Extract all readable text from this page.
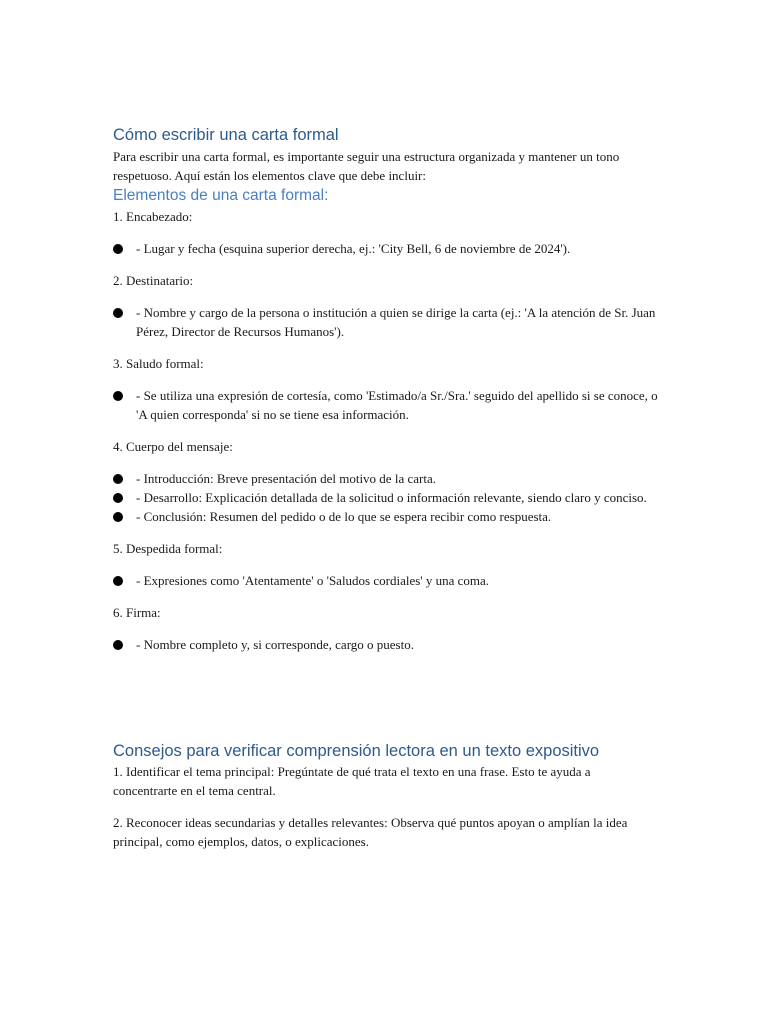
Cómo escribir una carta formal

Para escribir una carta formal, es importante seguir una estructura organizada y mantener un tono respetuoso. Aquí están los elementos clave que debe incluir:

Elementos de una carta formal:

1. Encabezado:

- Lugar y fecha (esquina superior derecha, ej.: 'City Bell, 6 de noviembre de 2024').

2. Destinatario:

- Nombre y cargo de la persona o institución a quien se dirige la carta (ej.: 'A la atención de Sr. Juan Pérez, Director de Recursos Humanos').

3. Saludo formal:

- Se utiliza una expresión de cortesía, como 'Estimado/a Sr./Sra.' seguido del apellido si se conoce, o 'A quien corresponda' si no se tiene esa información.

4. Cuerpo del mensaje:

- Introducción: Breve presentación del motivo de la carta.
- Desarrollo: Explicación detallada de la solicitud o información relevante, siendo claro y conciso.
- Conclusión: Resumen del pedido o de lo que se espera recibir como respuesta.

5. Despedida formal:

- Expresiones como 'Atentamente' o 'Saludos cordiales' y una coma.

6. Firma:

- Nombre completo y, si corresponde, cargo o puesto.
Consejos para verificar comprensión lectora en un texto expositivo

1. Identificar el tema principal: Pregúntate de qué trata el texto en una frase. Esto te ayuda a concentrarte en el tema central.

2. Reconocer ideas secundarias y detalles relevantes: Observa qué puntos apoyan o amplían la idea principal, como ejemplos, datos, o explicaciones.
